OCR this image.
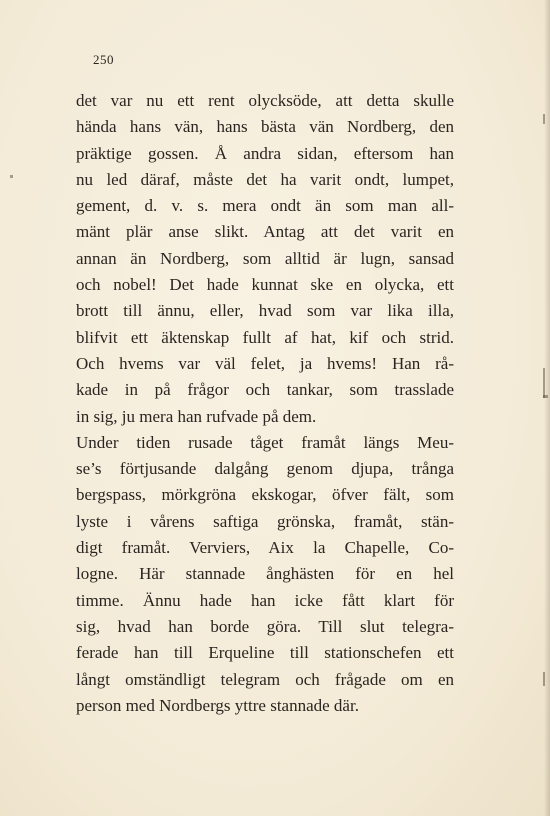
250
det var nu ett rent olycksöde, att detta skulle
hända hans vän, hans bästa vän Nordberg, den
präktige gossen. Å andra sidan, eftersom han
nu led däraf, måste det ha varit ondt, lumpet,
gement, d. v. s. mera ondt än som man all-
mänt plär anse slikt. Antag att det varit en
annan än Nordberg, som alltid är lugn, sansad
och nobel! Det hade kunnat ske en olycka, ett
brott till ännu, eller, hvad som var lika illa,
blifvit ett äktenskap fullt af hat, kif och strid.
Och hvems var väl felet, ja hvems! Han rå-
kade in på frågor och tankar, som trasslade
in sig, ju mera han rufvade på dem.
Under tiden rusade tåget framåt längs Meu-
se’s förtjusande dalgång genom djupa, trånga
bergspass, mörkgröna ekskogar, öfver fält, som
lyste i vårens saftiga grönska, framåt, stän-
digt framåt. Verviers, Aix la Chapelle, Co-
logne. Här stannade ånghästen för en hel
timme. Ännu hade han icke fått klart för
sig, hvad han borde göra. Till slut telegra-
ferade han till Erqueline till stationschefen ett
långt omständligt telegram och frågade om en
person med Nordbergs yttre stannade där.
